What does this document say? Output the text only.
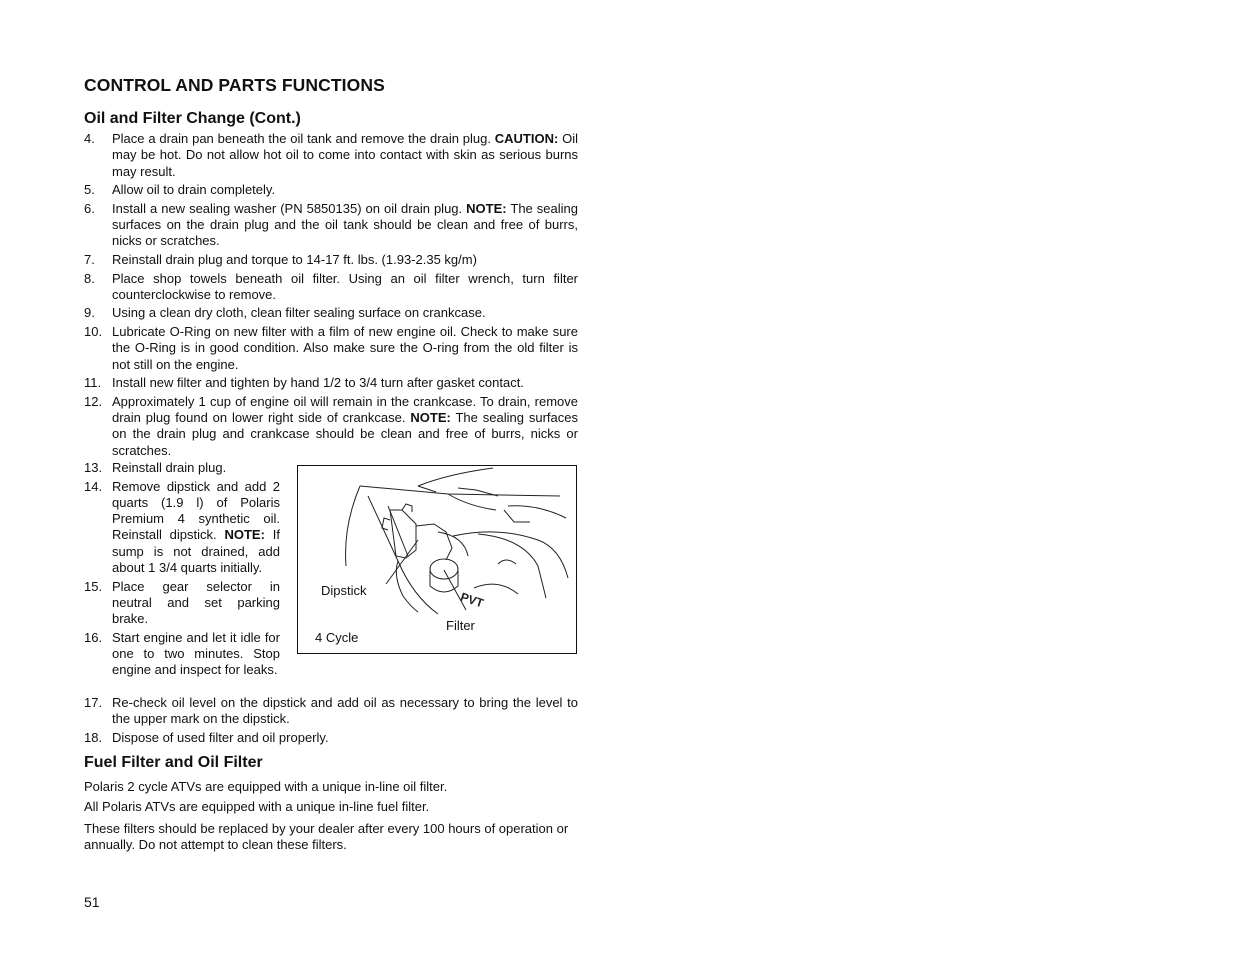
CONTROL AND PARTS FUNCTIONS
Oil and Filter Change (Cont.)
4. Place a drain pan beneath the oil tank and remove the drain plug. CAUTION: Oil may be hot. Do not allow hot oil to come into contact with skin as serious burns may result.
5. Allow oil to drain completely.
6. Install a new sealing washer (PN 5850135) on oil drain plug. NOTE: The sealing surfaces on the drain plug and the oil tank should be clean and free of burrs, nicks or scratches.
7. Reinstall drain plug and torque to 14-17 ft. lbs. (1.93-2.35 kg/m)
8. Place shop towels beneath oil filter. Using an oil filter wrench, turn filter counterclockwise to remove.
9. Using a clean dry cloth, clean filter sealing surface on crankcase.
10. Lubricate O-Ring on new filter with a film of new engine oil. Check to make sure the O-Ring is in good condition. Also make sure the O-ring from the old filter is not still on the engine.
11. Install new filter and tighten by hand 1/2 to 3/4 turn after gasket contact.
12. Approximately 1 cup of engine oil will remain in the crankcase. To drain, remove drain plug found on lower right side of crankcase. NOTE: The sealing surfaces on the drain plug and crankcase should be clean and free of burrs, nicks or scratches.
13. Reinstall drain plug.
14. Remove dipstick and add 2 quarts (1.9 l) of Polaris Premium 4 synthetic oil. Reinstall dipstick. NOTE: If sump is not drained, add about 1 3/4 quarts initially.
15. Place gear selector in neutral and set parking brake.
16. Start engine and let it idle for one to two minutes. Stop engine and inspect for leaks.
PVT
Dipstick
Filter
4 Cycle
17. Re-check oil level on the dipstick and add oil as necessary to bring the level to the upper mark on the dipstick.
18. Dispose of used filter and oil properly.
Fuel Filter and Oil Filter

Polaris 2 cycle ATVs are equipped with a unique in-line oil filter.

All Polaris ATVs are equipped with a unique in-line fuel filter.

These filters should be replaced by your dealer after every 100 hours of operation or annually. Do not attempt to clean these filters.

51
